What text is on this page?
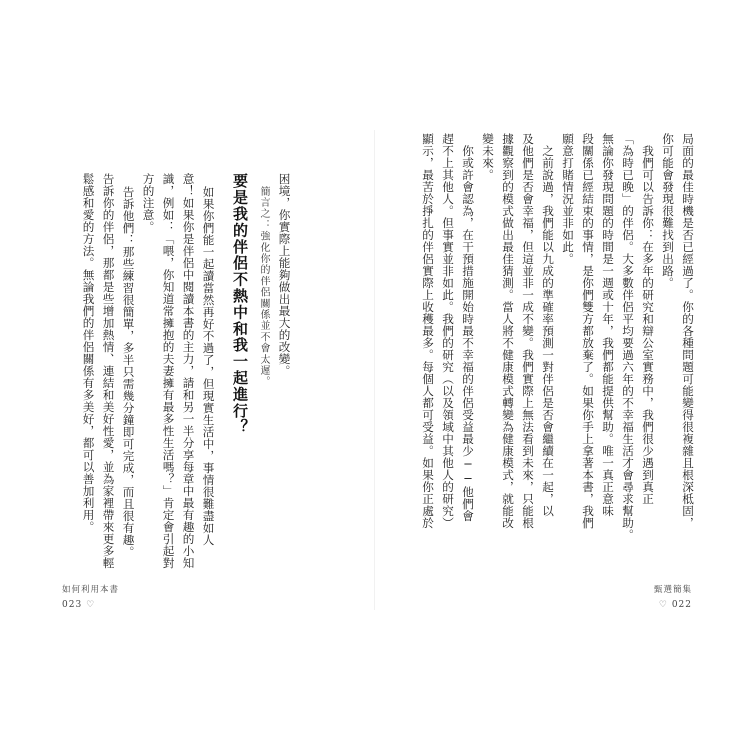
局面的最佳時機是否已經過了。你的各種問題可能變得很複雜且根深柢固，
你可能會發現很難找到出路。
我們可以告訴你：在多年的研究和辯公室實務中，我們很少遇到真正
「為時已晚」的伴侶。大多數伴侶平均要過六年的不幸福生活才會尋求幫助。
無論你發現問題的時間是一週或十年，我們都能提供幫助。唯一真正意味
段關係已經結束的事情，是你們雙方都放棄了。如果你手上拿著本書，我們
願意打賭情況並非如此。
之前說過，我們能以九成的準確率預測一對伴侶是否會繼續在一起，以
及他們是否會幸福，但這並非一成不變。我們實際上無法看到未來，只能根
據觀察到的模式做出最佳猜測。當人將不健康模式轉變為健康模式，就能改
變未來。
你或許會認為，在干預措施開始時最不幸福的伴侶受益最少──他們會
趕不上其他人。但事實並非如此。我們的研究（以及領域中其他人的研究）
顯示，最苦於掙扎的伴侶實際上收穫最多。每個人都可受益。如果你正處於
甄選簡集
♡ 022
困境，你實際上能夠做出最大的改變。
簡言之：強化你的伴侶關係並不會太遲。
要是我的伴侶不熱中和我一起進行？
如果你們能一起讀當然再好不過了，但現實生活中，事情很難盡如人
意！如果你是伴侶中閱讀本書的主力，請和另一半分享每章中最有趣的小知
識，例如：「喂，你知道常擁抱的夫妻擁有最多性生活嗎？」肯定會引起對
方的注意。
告訴他們：那些練習很簡單，多半只需幾分鐘即可完成，而且很有趣。
告訴你的伴侶，那都是些增加熱情、連結和美好性愛，並為家裡帶來更多輕
鬆感和愛的方法。無論我們的伴侶關係有多美好，都可以善加利用。
如何利用本書
023 ♡
